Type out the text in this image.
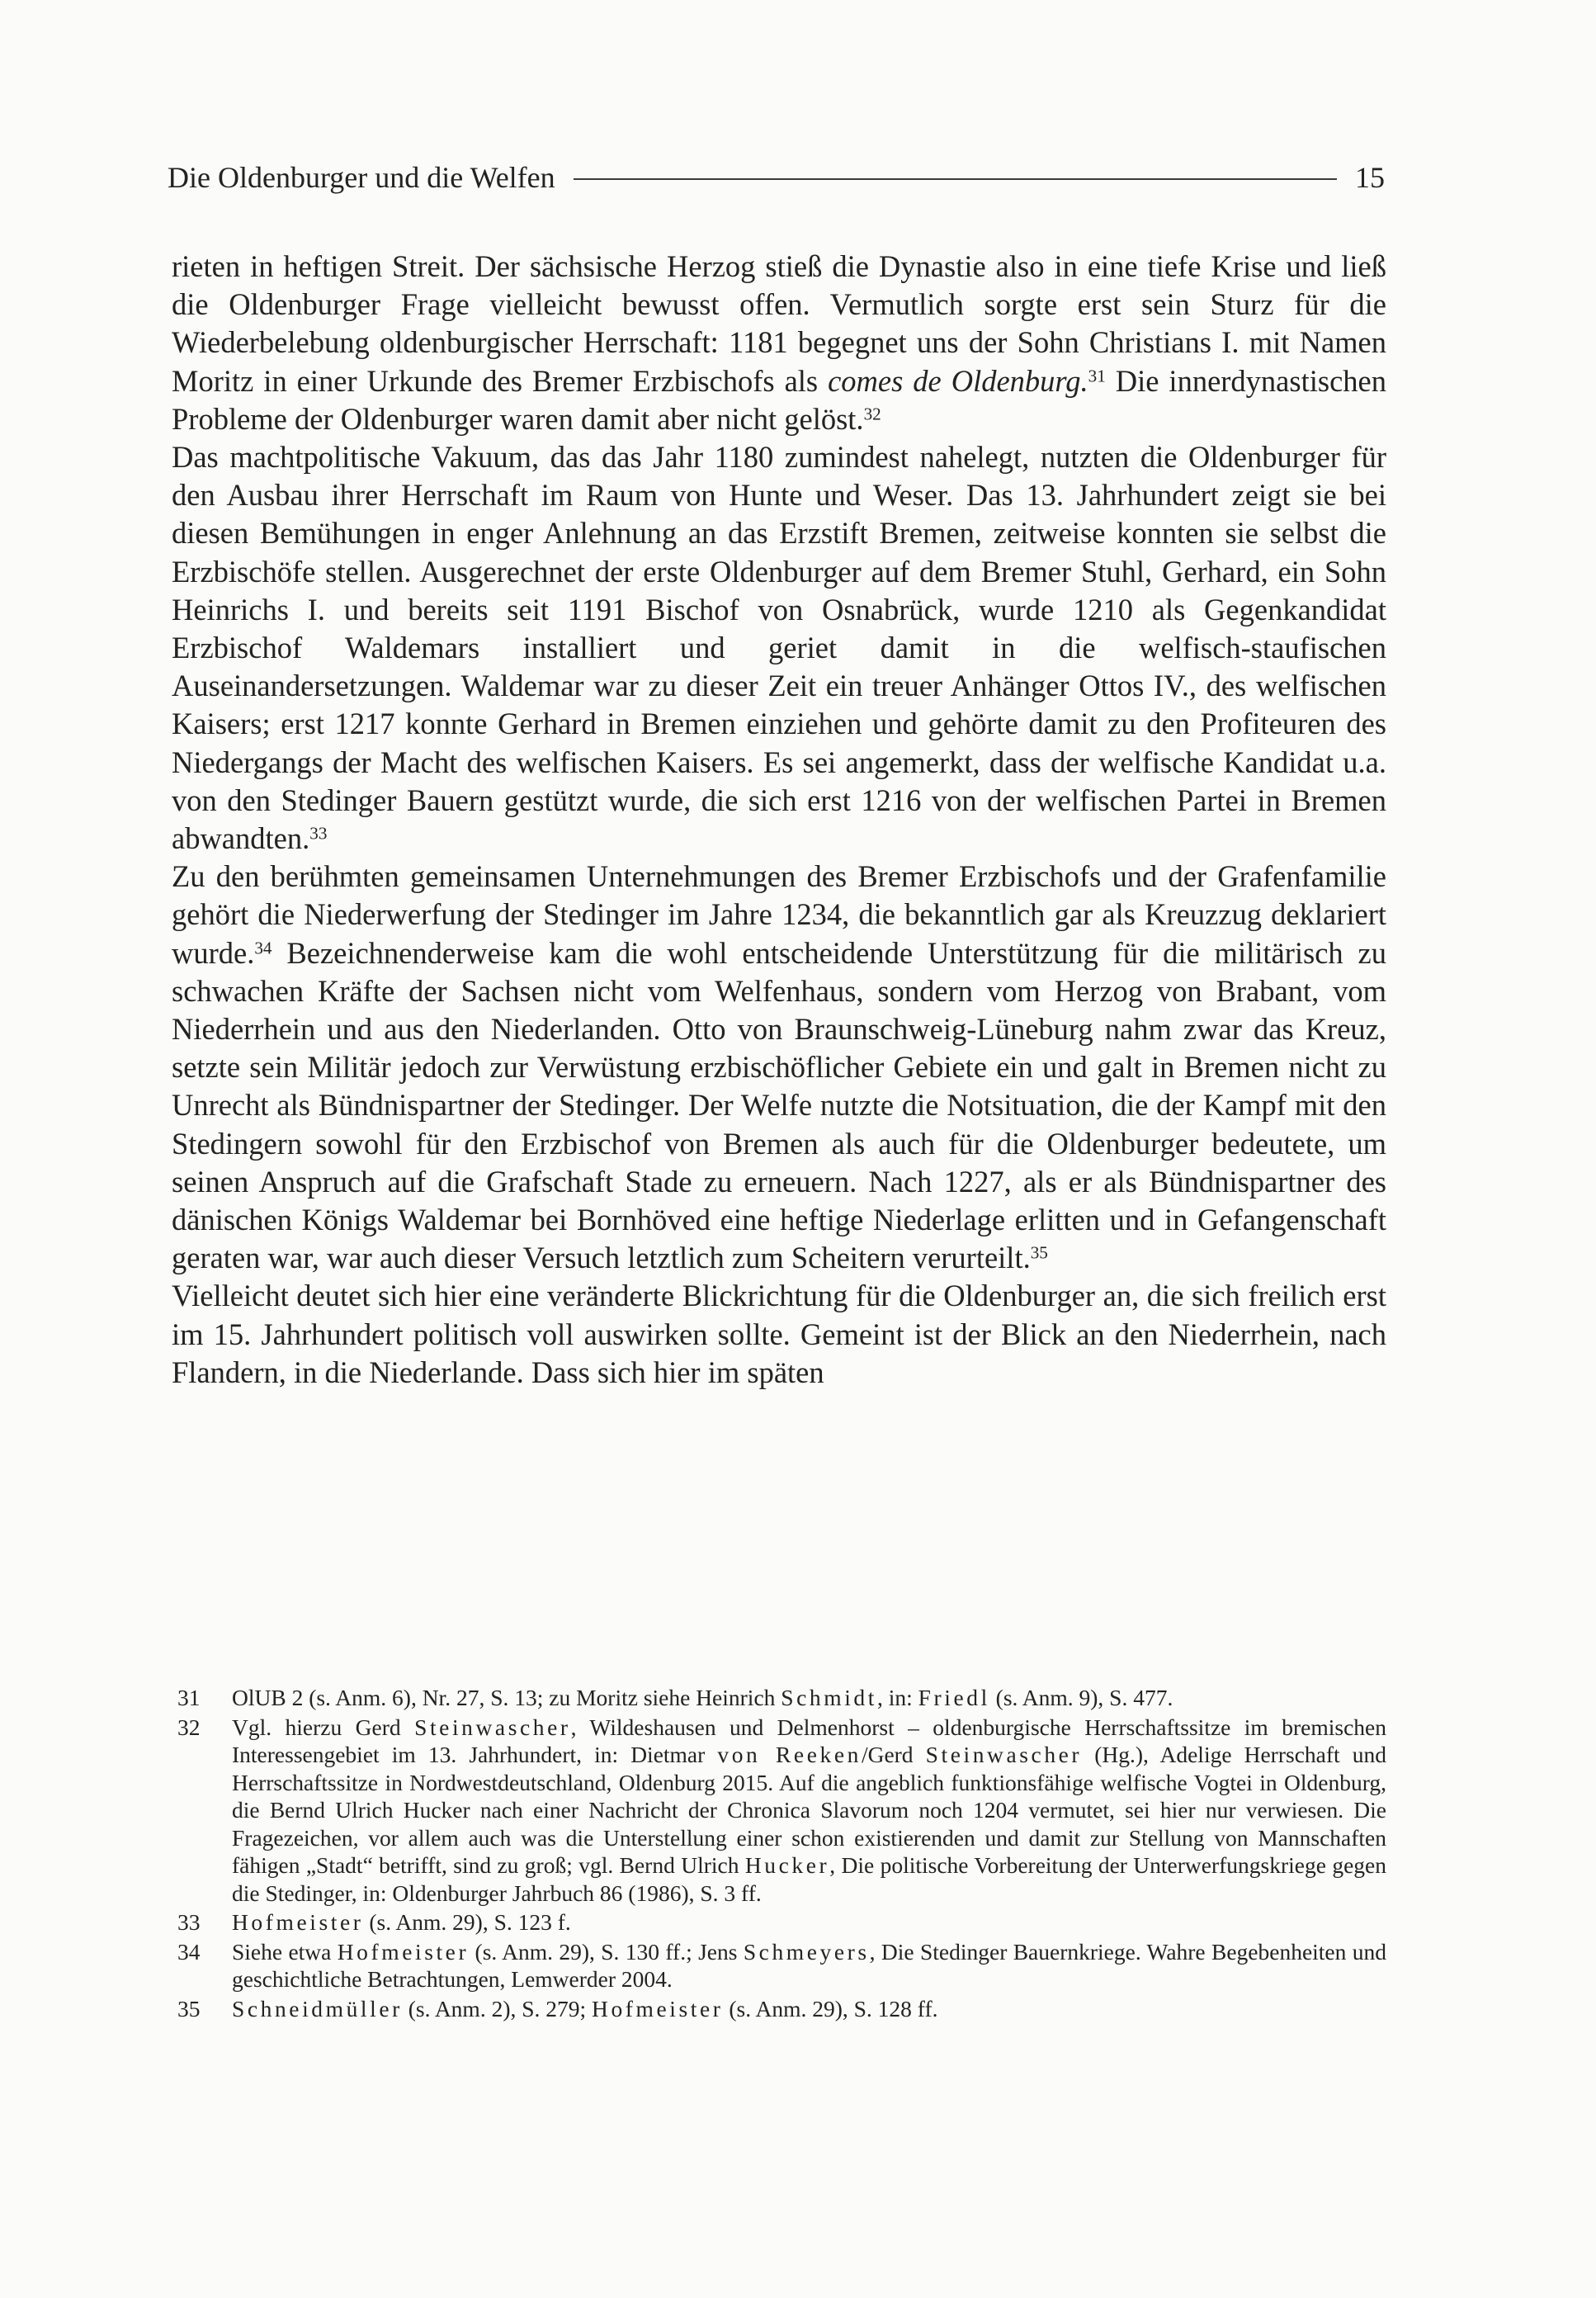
Die Oldenburger und die Welfen	15

rieten in heftigen Streit. Der sächsische Herzog stieß die Dynastie also in eine tiefe Krise und ließ die Oldenburger Frage vielleicht bewusst offen. Vermutlich sorgte erst sein Sturz für die Wiederbelebung oldenburgischer Herrschaft: 1181 begegnet uns der Sohn Christians I. mit Namen Moritz in einer Urkunde des Bremer Erzbischofs als comes de Oldenburg.$^{31}$ Die innerdynastischen Probleme der Oldenburger waren damit aber nicht gelöst.$^{32}$

Das machtpolitische Vakuum, das das Jahr 1180 zumindest nahelegt, nutzten die Oldenburger für den Ausbau ihrer Herrschaft im Raum von Hunte und Weser. Das 13. Jahrhundert zeigt sie bei diesen Bemühungen in enger Anlehnung an das Erzstift Bremen, zeitweise konnten sie selbst die Erzbischöfe stellen. Ausgerechnet der erste Oldenburger auf dem Bremer Stuhl, Gerhard, ein Sohn Heinrichs I. und bereits seit 1191 Bischof von Osnabrück, wurde 1210 als Gegenkandidat Erzbischof Waldemars installiert und geriet damit in die welfisch-staufischen Auseinandersetzungen. Waldemar war zu dieser Zeit ein treuer Anhänger Ottos IV., des welfischen Kaisers; erst 1217 konnte Gerhard in Bremen einziehen und gehörte damit zu den Profiteuren des Niedergangs der Macht des welfischen Kaisers. Es sei angemerkt, dass der welfische Kandidat u.a. von den Stedinger Bauern gestützt wurde, die sich erst 1216 von der welfischen Partei in Bremen abwandten.$^{33}$

Zu den berühmten gemeinsamen Unternehmungen des Bremer Erzbischofs und der Grafenfamilie gehört die Niederwerfung der Stedinger im Jahre 1234, die bekanntlich gar als Kreuzzug deklariert wurde.$^{34}$ Bezeichnenderweise kam die wohl entscheidende Unterstützung für die militärisch zu schwachen Kräfte der Sachsen nicht vom Welfenhaus, sondern vom Herzog von Brabant, vom Niederrhein und aus den Niederlanden. Otto von Braunschweig-Lüneburg nahm zwar das Kreuz, setzte sein Militär jedoch zur Verwüstung erzbischöflicher Gebiete ein und galt in Bremen nicht zu Unrecht als Bündnispartner der Stedinger. Der Welfe nutzte die Notsituation, die der Kampf mit den Stedingern sowohl für den Erzbischof von Bremen als auch für die Oldenburger bedeutete, um seinen Anspruch auf die Grafschaft Stade zu erneuern. Nach 1227, als er als Bündnispartner des dänischen Königs Waldemar bei Bornhöved eine heftige Niederlage erlitten und in Gefangenschaft geraten war, war auch dieser Versuch letztlich zum Scheitern verurteilt.$^{35}$

Vielleicht deutet sich hier eine veränderte Blickrichtung für die Oldenburger an, die sich freilich erst im 15. Jahrhundert politisch voll auswirken sollte. Gemeint ist der Blick an den Niederrhein, nach Flandern, in die Niederlande. Dass sich hier im späten

31	OlUB 2 (s. Anm. 6), Nr. 27, S. 13; zu Moritz siehe Heinrich Schmidt, in: Friedl (s. Anm. 9), S. 477.
32	Vgl. hierzu Gerd Steinwascher, Wildeshausen und Delmenhorst – oldenburgische Herrschaftssitze im bremischen Interessengebiet im 13. Jahrhundert, in: Dietmar von Reeken/Gerd Steinwascher (Hg.), Adelige Herrschaft und Herrschaftssitze in Nordwestdeutschland, Oldenburg 2015. Auf die angeblich funktionsfähige welfische Vogtei in Oldenburg, die Bernd Ulrich Hucker nach einer Nachricht der Chronica Slavorum noch 1204 vermutet, sei hier nur verwiesen. Die Fragezeichen, vor allem auch was die Unterstellung einer schon existierenden und damit zur Stellung von Mannschaften fähigen „Stadt“ betrifft, sind zu groß; vgl. Bernd Ulrich Hucker, Die politische Vorbereitung der Unterwerfungskriege gegen die Stedinger, in: Oldenburger Jahrbuch 86 (1986), S. 3 ff.
33	Hofmeister (s. Anm. 29), S. 123 f.
34	Siehe etwa Hofmeister (s. Anm. 29), S. 130 ff.; Jens Schmeyers, Die Stedinger Bauernkriege. Wahre Begebenheiten und geschichtliche Betrachtungen, Lemwerder 2004.
35	Schneidmüller (s. Anm. 2), S. 279; Hofmeister (s. Anm. 29), S. 128 ff.
